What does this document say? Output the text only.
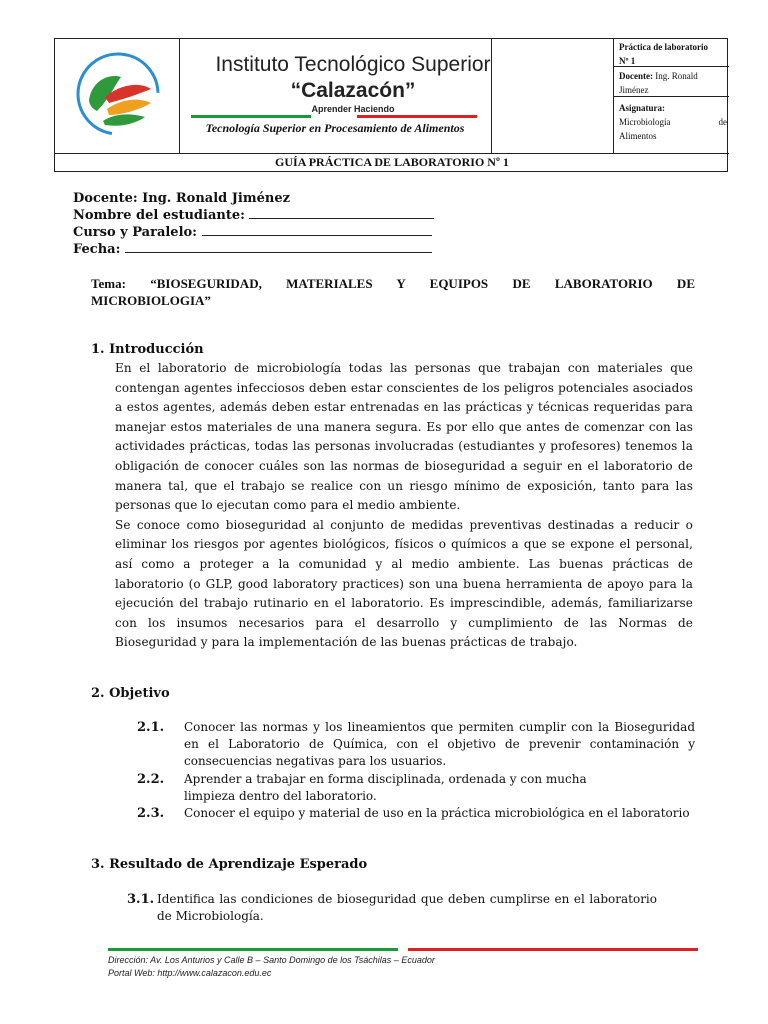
Instituto Tecnológico Superior
“Calazacón”
Aprender Haciendo
Tecnología Superior en Procesamiento de Alimentos
Práctica de laboratorio
Nº 1
Docente: Ing. Ronald
Jiménez
Asignatura:

Microbiología de
Alimentos
GUÍA PRÁCTICA DE LABORATORIO Nº 1
Docente: Ing. Ronald Jiménez
Nombre del estudiante:
Curso y Paralelo:
Fecha:
Tema: “BIOSEGURIDAD, MATERIALES Y EQUIPOS DE LABORATORIO DE
MICROBIOLOGIA”
1. Introducción

En el laboratorio de microbiología todas las personas que trabajan con materiales que contengan agentes infecciosos deben estar conscientes de los peligros potenciales asociados a estos agentes, además deben estar entrenadas en las prácticas y técnicas requeridas para manejar estos materiales de una manera segura. Es por ello que antes de comenzar con las actividades prácticas, todas las personas involucradas (estudiantes y profesores) tenemos la obligación de conocer cuáles son las normas de bioseguridad a seguir en el laboratorio de manera tal, que el trabajo se realice con un riesgo mínimo de exposición, tanto para las personas que lo ejecutan como para el medio ambiente.

Se conoce como bioseguridad al conjunto de medidas preventivas destinadas a reducir o eliminar los riesgos por agentes biológicos, físicos o químicos a que se expone el personal, así como a proteger a la comunidad y al medio ambiente. Las buenas prácticas de laboratorio (o GLP, good laboratory practices) son una buena herramienta de apoyo para la ejecución del trabajo rutinario en el laboratorio. Es imprescindible, además, familiarizarse con los insumos necesarios para el desarrollo y cumplimiento de las Normas de Bioseguridad y para la implementación de las buenas prácticas de trabajo.

2. Objetivo
2.1. Conocer las normas y los lineamientos que permiten cumplir con la Bioseguridad en el Laboratorio de Química, con el objetivo de prevenir contaminación y consecuencias negativas para los usuarios.
2.2. Aprender a trabajar en forma disciplinada, ordenada y con mucha limpieza dentro del laboratorio.
2.3. Conocer el equipo y material de uso en la práctica microbiológica en el laboratorio
3. Resultado de Aprendizaje Esperado
3.1. Identifica las condiciones de bioseguridad que deben cumplirse en el laboratorio de Microbiología.
Dirección: Av. Los Anturios y Calle B – Santo Domingo de los Tsáchilas – Ecuador
Portal Web: http://www.calazacon.edu.ec
